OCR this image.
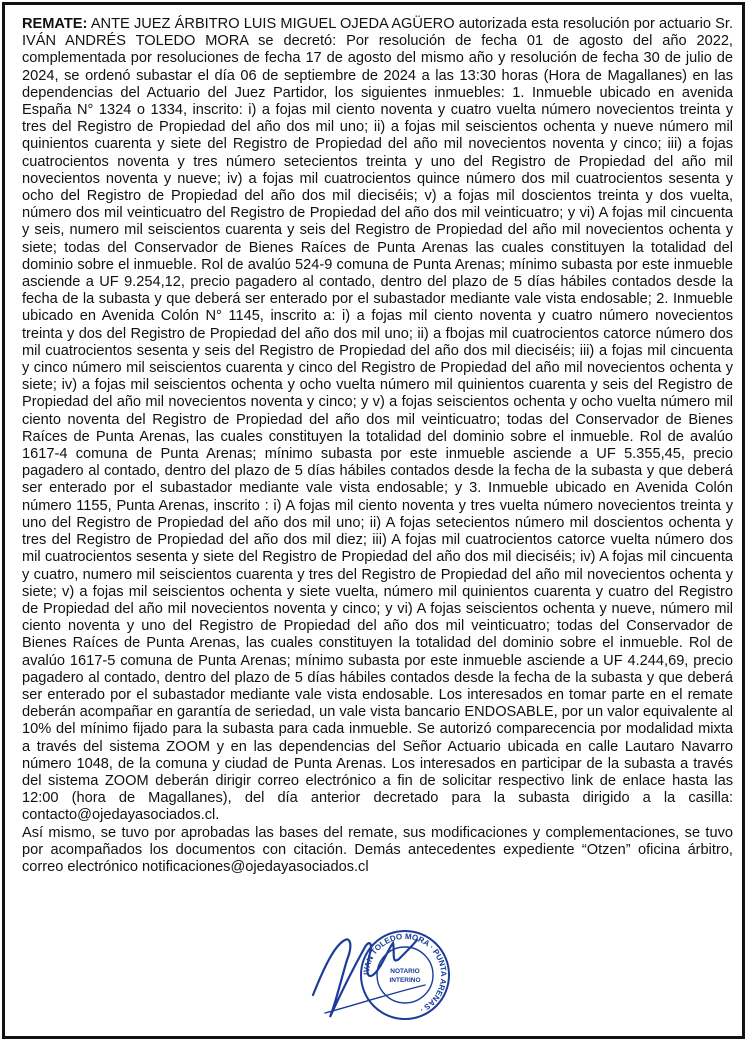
REMATE: ANTE JUEZ ÁRBITRO LUIS MIGUEL OJEDA AGÜERO autorizada esta resolución por actuario Sr. IVÁN ANDRÉS TOLEDO MORA se decretó: Por resolución de fecha 01 de agosto del año 2022, complementada por resoluciones de fecha 17 de agosto del mismo año y resolución de fecha 30 de julio de 2024, se ordenó subastar el día 06 de septiembre de 2024 a las 13:30 horas (Hora de Magallanes) en las dependencias del Actuario del Juez Partidor, los siguientes inmuebles: 1. Inmueble ubicado en avenida España N° 1324 o 1334, inscrito: i) a fojas mil ciento noventa y cuatro vuelta número novecientos treinta y tres del Registro de Propiedad del año dos mil uno; ii) a fojas mil seiscientos ochenta y nueve número mil quinientos cuarenta y siete del Registro de Propiedad del año mil novecientos noventa y cinco; iii) a fojas cuatrocientos noventa y tres número setecientos treinta y uno del Registro de Propiedad del año mil novecientos noventa y nueve; iv) a fojas mil cuatrocientos quince número dos mil cuatrocientos sesenta y ocho del Registro de Propiedad del año dos mil dieciséis; v) a fojas mil doscientos treinta y dos vuelta, número dos mil veinticuatro del Registro de Propiedad del año dos mil veinticuatro; y vi) A fojas mil cincuenta y seis, numero mil seiscientos cuarenta y seis del Registro de Propiedad del año mil novecientos ochenta y siete; todas del Conservador de Bienes Raíces de Punta Arenas las cuales constituyen la totalidad del dominio sobre el inmueble. Rol de avalúo 524-9 comuna de Punta Arenas; mínimo subasta por este inmueble asciende a UF 9.254,12, precio pagadero al contado, dentro del plazo de 5 días hábiles contados desde la fecha de la subasta y que deberá ser enterado por el subastador mediante vale vista endosable; 2. Inmueble ubicado en Avenida Colón N° 1145, inscrito a: i) a fojas mil ciento noventa y cuatro número novecientos treinta y dos del Registro de Propiedad del año dos mil uno; ii) a fbojas mil cuatrocientos catorce número dos mil cuatrocientos sesenta y seis del Registro de Propiedad del año dos mil dieciséis; iii) a fojas mil cincuenta y cinco número mil seiscientos cuarenta y cinco del Registro de Propiedad del año mil novecientos ochenta y siete; iv) a fojas mil seiscientos ochenta y ocho vuelta número mil quinientos cuarenta y seis del Registro de Propiedad del año mil novecientos noventa y cinco; y v) a fojas seiscientos ochenta y ocho vuelta número mil ciento noventa del Registro de Propiedad del año dos mil veinticuatro; todas del Conservador de Bienes Raíces de Punta Arenas, las cuales constituyen la totalidad del dominio sobre el inmueble. Rol de avalúo 1617-4 comuna de Punta Arenas; mínimo subasta por este inmueble asciende a UF 5.355,45, precio pagadero al contado, dentro del plazo de 5 días hábiles contados desde la fecha de la subasta y que deberá ser enterado por el subastador mediante vale vista endosable; y 3. Inmueble ubicado en Avenida Colón número 1155, Punta Arenas, inscrito : i) A fojas mil ciento noventa y tres vuelta número novecientos treinta y uno del Registro de Propiedad del año dos mil uno; ii) A fojas setecientos número mil doscientos ochenta y tres del Registro de Propiedad del año dos mil diez; iii) A fojas mil cuatrocientos catorce vuelta número dos mil cuatrocientos sesenta y siete del Registro de Propiedad del año dos mil dieciséis; iv) A fojas mil cincuenta y cuatro, numero mil seiscientos cuarenta y tres del Registro de Propiedad del año mil novecientos ochenta y siete; v) a fojas mil seiscientos ochenta y siete vuelta, número mil quinientos cuarenta y cuatro del Registro de Propiedad del año mil novecientos noventa y cinco; y vi) A fojas seiscientos ochenta y nueve, número mil ciento noventa y uno del Registro de Propiedad del año dos mil veinticuatro; todas del Conservador de Bienes Raíces de Punta Arenas, las cuales constituyen la totalidad del dominio sobre el inmueble. Rol de avalúo 1617-5 comuna de Punta Arenas; mínimo subasta por este inmueble asciende a UF 4.244,69, precio pagadero al contado, dentro del plazo de 5 días hábiles contados desde la fecha de la subasta y que deberá ser enterado por el subastador mediante vale vista endosable. Los interesados en tomar parte en el remate deberán acompañar en garantía de seriedad, un vale vista bancario ENDOSABLE, por un valor equivalente al 10% del mínimo fijado para la subasta para cada inmueble. Se autorizó comparecencia por modalidad mixta a través del sistema ZOOM y en las dependencias del Señor Actuario ubicada en calle Lautaro Navarro número 1048, de la comuna y ciudad de Punta Arenas. Los interesados en participar de la subasta a través del sistema ZOOM deberán dirigir correo electrónico a fin de solicitar respectivo link de enlace hasta las 12:00 (hora de Magallanes), del día anterior decretado para la subasta dirigido a la casilla: contacto@ojedayasociados.cl.

Así mismo, se tuvo por aprobadas las bases del remate, sus modificaciones y complementaciones, se tuvo por acompañados los documentos con citación. Demás antecedentes expediente “Otzen” oficina árbitro, correo electrónico notificaciones@ojedayasociados.cl

IVAN TOLEDO MORA · PUNTA ARENAS ·
NOTARIO
INTERINO
